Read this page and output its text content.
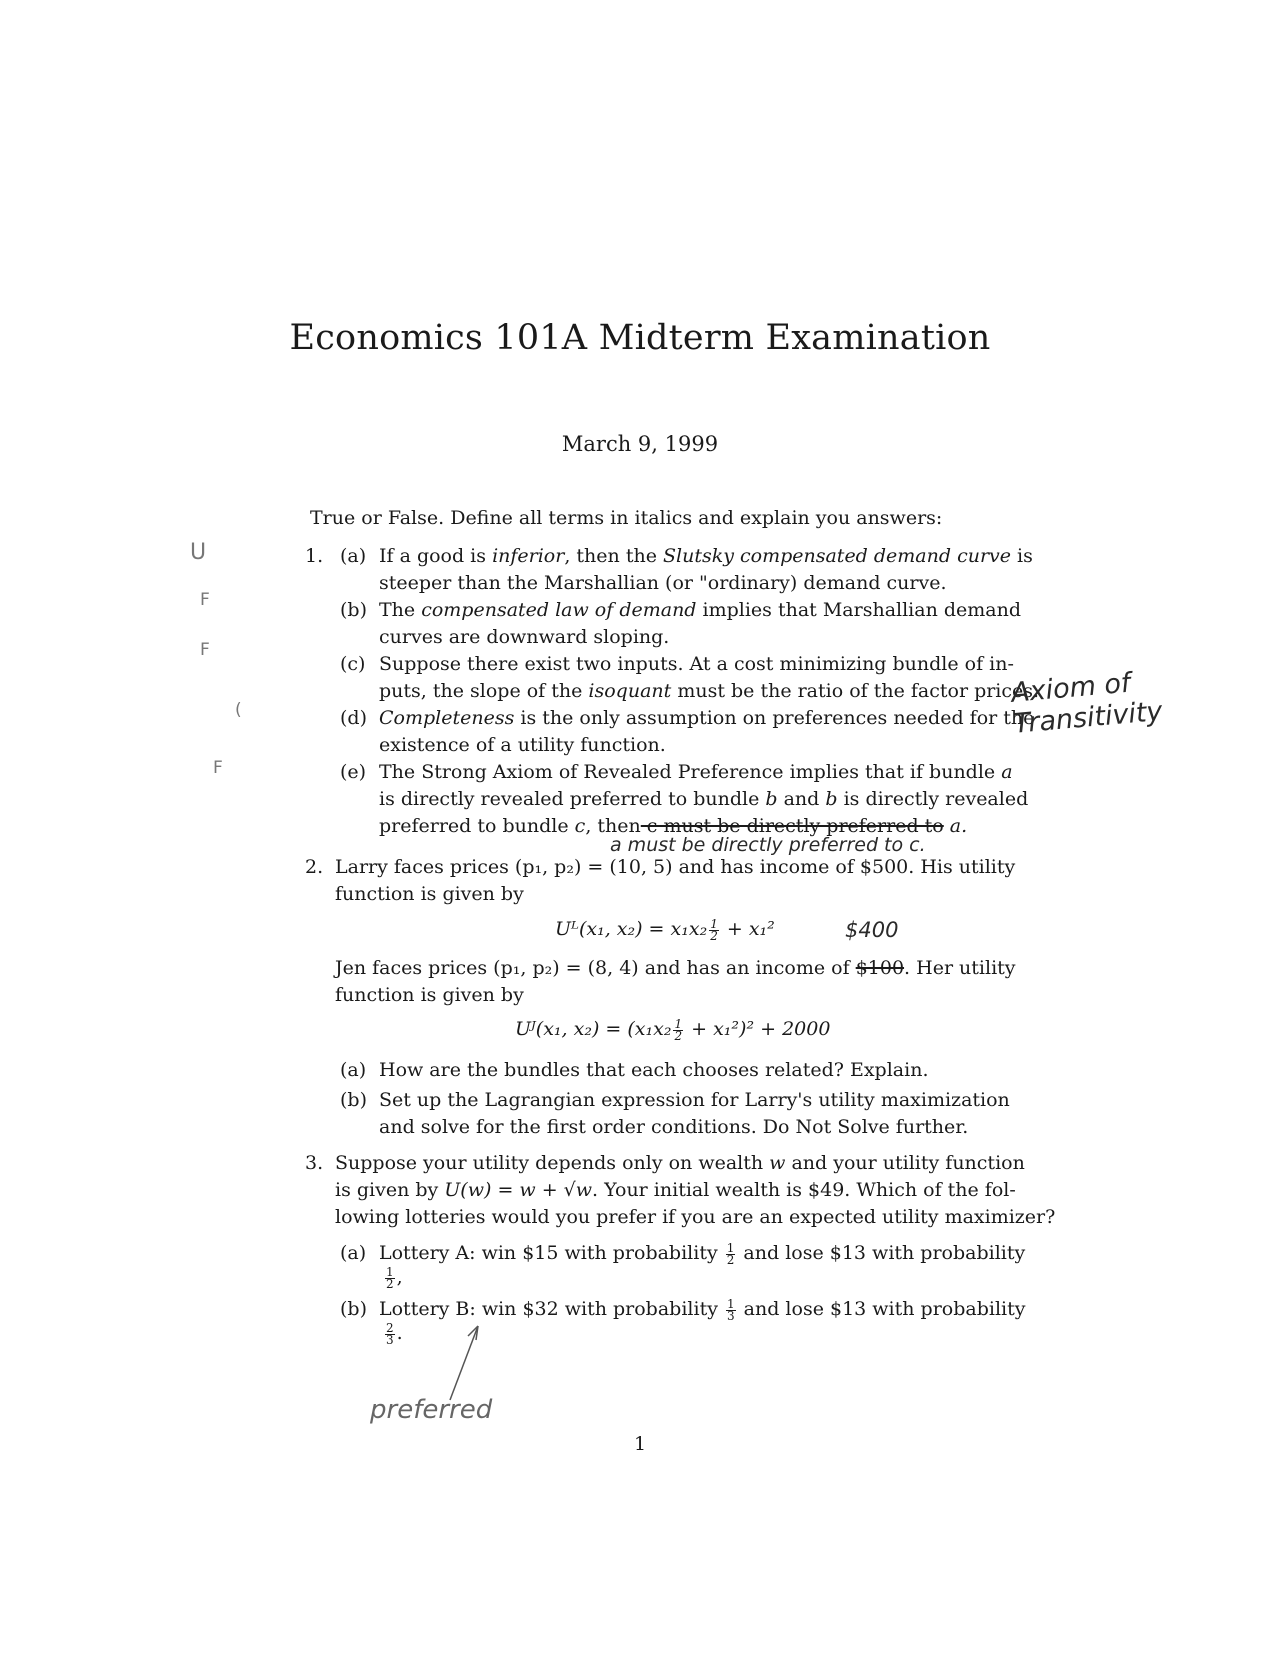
Economics 101A Midterm Examination
March 9, 1999
U
F
F
(
F
True or False. Define all terms in italics and explain you answers:
1. (a) If a good is inferior, then the Slutsky compensated demand curve is
steeper than the Marshallian (or "ordinary) demand curve.
(b) The compensated law of demand implies that Marshallian demand
curves are downward sloping.
(c) Suppose there exist two inputs. At a cost minimizing bundle of in-
puts, the slope of the isoquant must be the ratio of the factor prices.
(d) Completeness is the only assumption on preferences needed for the
existence of a utility function.
Axiom of Transitivity
(e) The Strong Axiom of Revealed Preference implies that if bundle a
is directly revealed preferred to bundle b and b is directly revealed
preferred to bundle c, then c must be directly preferred to a.
a must be directly preferred to c.
2. Larry faces prices (p₁, p₂) = (10, 5) and has income of $500. His utility
function is given by
Uᴸ(x₁, $x_2) = x_1x_2 \frac{1}{2} + x_1^2$	$400
Jen faces prices (p₁, p₂) = (8, 4) and has an income of $100. Her utility
function is given by
Uᴶ(x₁, $x_2) = (x_1x_2 \frac{1}{2} + x_1^2)^2 + 2000$
(a) How are the bundles that each chooses related? Explain.
(b) Set up the Lagrangian expression for Larry's utility maximization
and solve for the first order conditions. Do Not Solve further.
3. Suppose your utility depends only on wealth w and your utility function
is given by U(w) = w + √w. Your initial wealth is $49. Which of the fol-
lowing lotteries would you prefer if you are an expected utility maximizer?
(a) Lottery A: win $15 with probability $\frac{1}{2}$ and lose $13 with probability
$\frac{1}{2}$ ,
(b) Lottery B: win $32 with probability $\frac{1}{3}$ and lose $13 with probability
$\frac{2}{3}$ .
preferred
1
